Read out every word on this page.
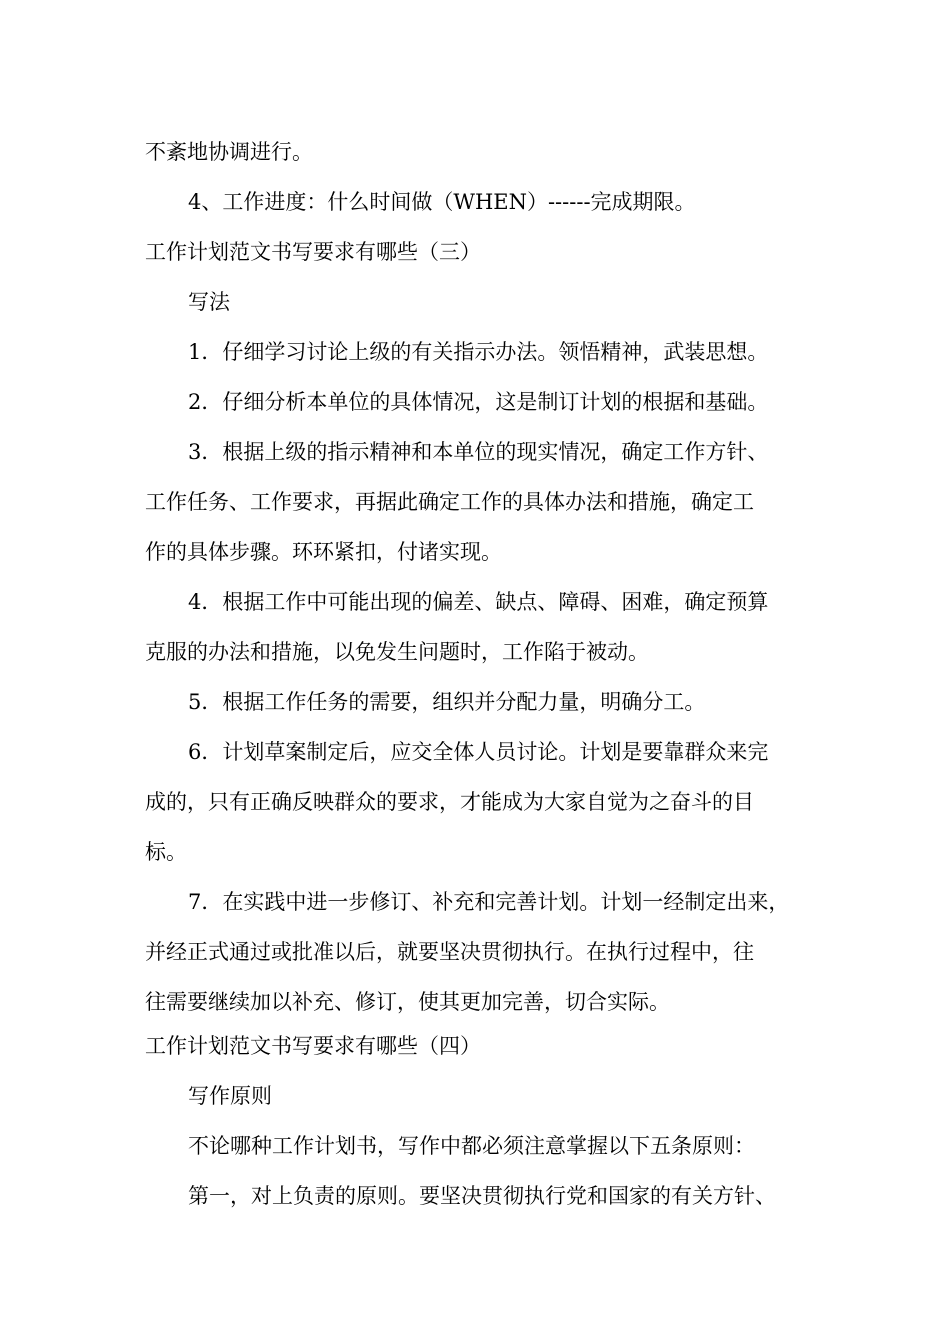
不紊地协调进行。
4、工作进度：什么时间做（WHEN）------完成期限。
工作计划范文书写要求有哪些（三）
写法
1．仔细学习讨论上级的有关指示办法。领悟精神，武装思想。
2．仔细分析本单位的具体情况，这是制订计划的根据和基础。
3．根据上级的指示精神和本单位的现实情况，确定工作方针、
工作任务、工作要求，再据此确定工作的具体办法和措施，确定工
作的具体步骤。环环紧扣，付诸实现。
4．根据工作中可能出现的偏差、缺点、障碍、困难，确定预算
克服的办法和措施，以免发生问题时，工作陷于被动。
5．根据工作任务的需要，组织并分配力量，明确分工。
6．计划草案制定后，应交全体人员讨论。计划是要靠群众来完
成的，只有正确反映群众的要求，才能成为大家自觉为之奋斗的目
标。
7．在实践中进一步修订、补充和完善计划。计划一经制定出来，
并经正式通过或批准以后，就要坚决贯彻执行。在执行过程中，往
往需要继续加以补充、修订，使其更加完善，切合实际。
工作计划范文书写要求有哪些（四）
写作原则
不论哪种工作计划书，写作中都必须注意掌握以下五条原则：
第一，对上负责的原则。要坚决贯彻执行党和国家的有关方针、
